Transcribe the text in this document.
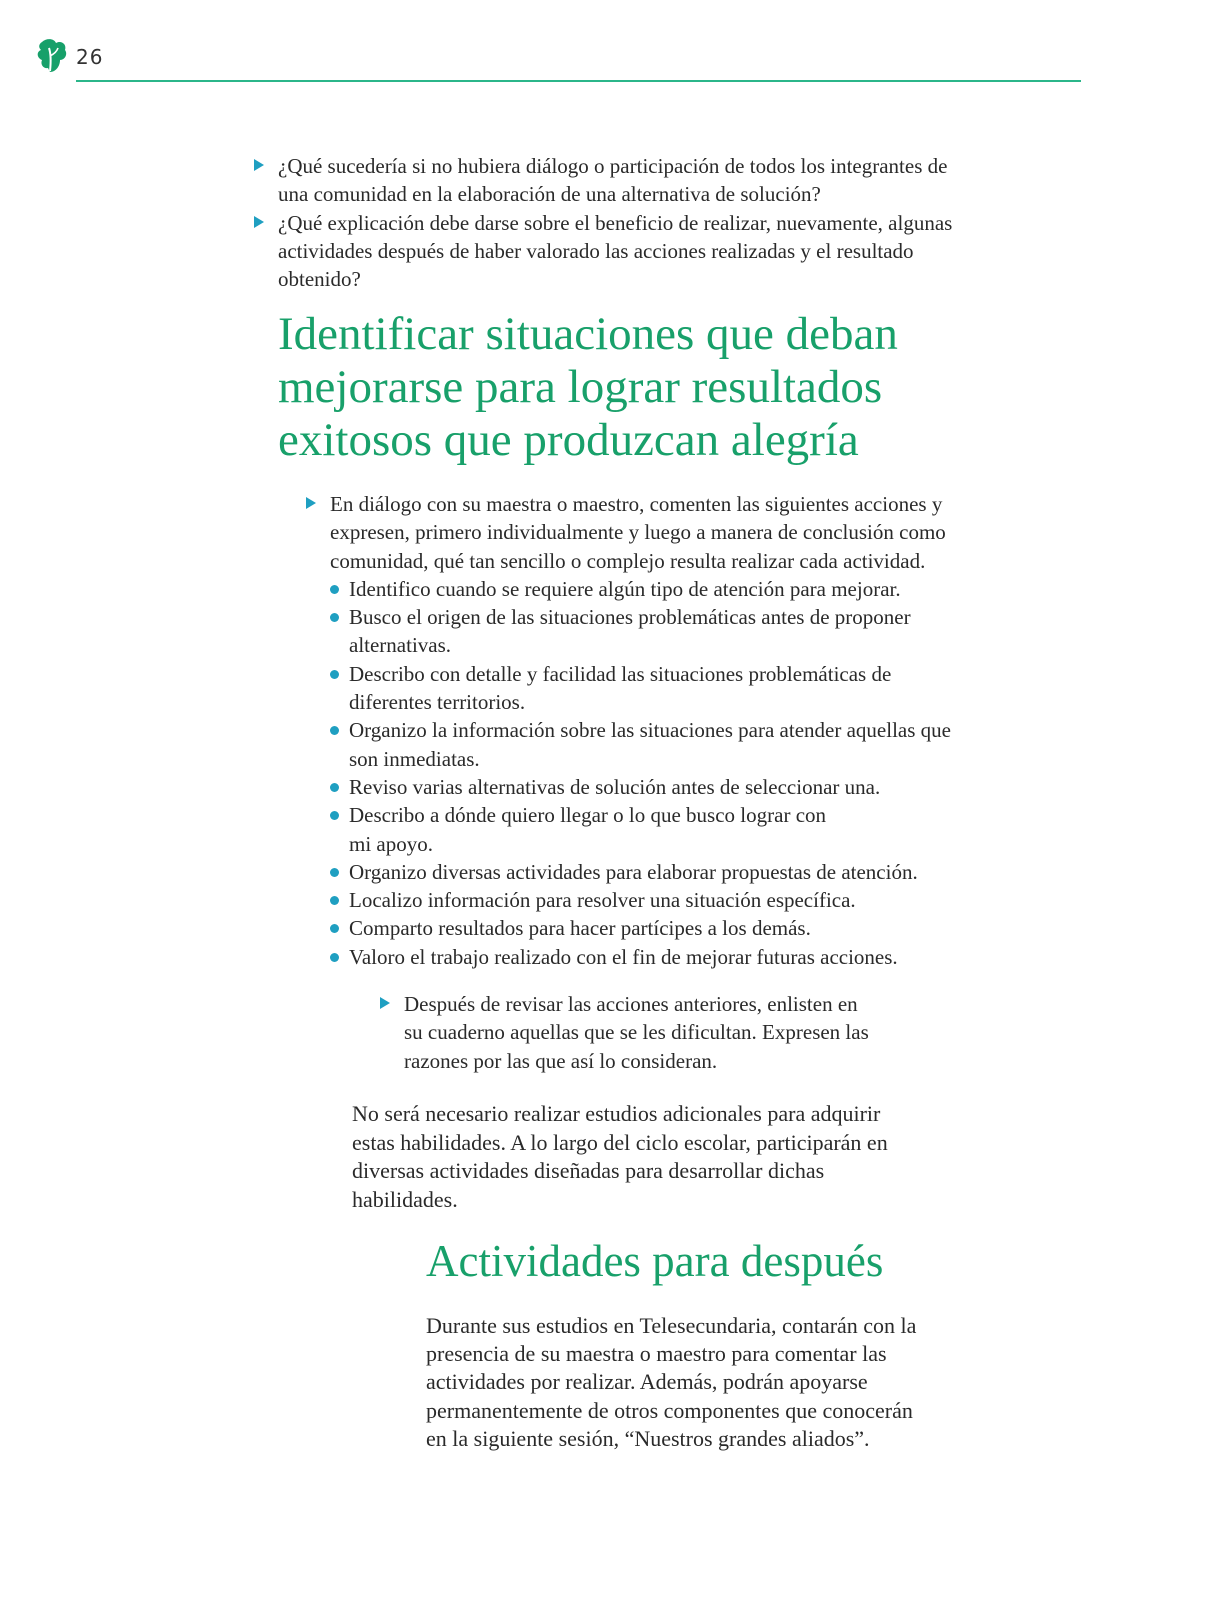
26
¿Qué sucedería si no hubiera diálogo o participación de todos los integrantes de una comunidad en la elaboración de una alternativa de solución?
¿Qué explicación debe darse sobre el beneficio de realizar, nuevamente, algunas actividades después de haber valorado las acciones realizadas y el resultado obtenido?
Identificar situaciones que deban mejorarse para lograr resultados exitosos que produzcan alegría
En diálogo con su maestra o maestro, comenten las siguientes acciones y expresen, primero individualmente y luego a manera de conclusión como comunidad, qué tan sencillo o complejo resulta realizar cada actividad.
Identifico cuando se requiere algún tipo de atención para mejorar.
Busco el origen de las situaciones problemáticas antes de proponer alternativas.
Describo con detalle y facilidad las situaciones problemáticas de diferentes territorios.
Organizo la información sobre las situaciones para atender aquellas que son inmediatas.
Reviso varias alternativas de solución antes de seleccionar una.
Describo a dónde quiero llegar o lo que busco lograr con mi apoyo.
Organizo diversas actividades para elaborar propuestas de atención.
Localizo información para resolver una situación específica.
Comparto resultados para hacer partícipes a los demás.
Valoro el trabajo realizado con el fin de mejorar futuras acciones.
Después de revisar las acciones anteriores, enlisten en su cuaderno aquellas que se les dificultan. Expresen las razones por las que así lo consideran.
No será necesario realizar estudios adicionales para adquirir estas habilidades. A lo largo del ciclo escolar, participarán en diversas actividades diseñadas para desarrollar dichas habilidades.
Actividades para después
Durante sus estudios en Telesecundaria, contarán con la presencia de su maestra o maestro para comentar las actividades por realizar. Además, podrán apoyarse permanentemente de otros componentes que conocerán en la siguiente sesión, “Nuestros grandes aliados”.
